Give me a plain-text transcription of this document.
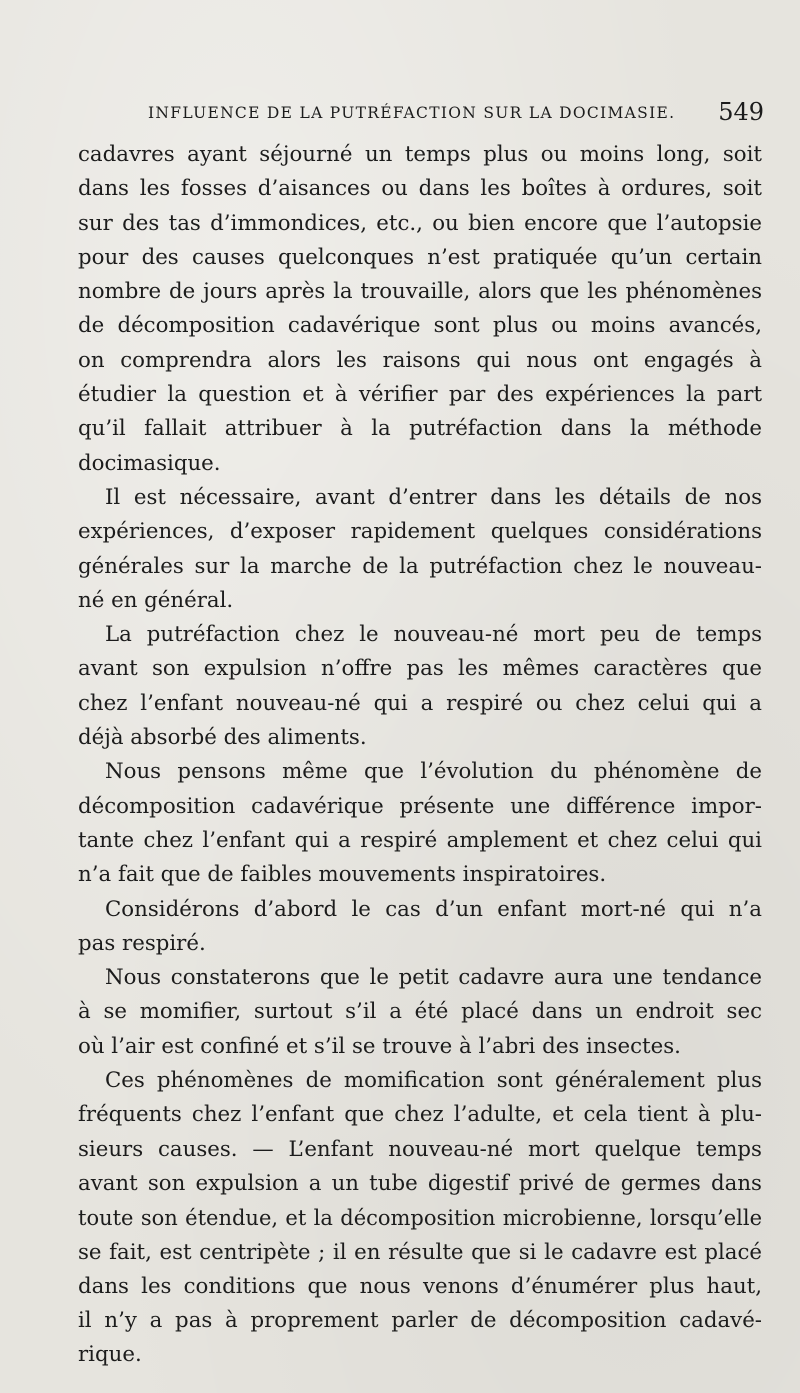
INFLUENCE DE LA PUTRÉFACTION SUR LA DOCIMASIE. 549
cadavres ayant séjourné un temps plus ou moins long, soit
dans les fosses d’aisances ou dans les boîtes à ordures, soit
sur des tas d’immondices, etc., ou bien encore que l’autopsie
pour des causes quelconques n’est pratiquée qu’un certain
nombre de jours après la trouvaille, alors que les phénomènes
de décomposition cadavérique sont plus ou moins avancés,
on comprendra alors les raisons qui nous ont engagés à
étudier la question et à vérifier par des expériences la part
qu’il fallait attribuer à la putréfaction dans la méthode
docimasique.
Il est nécessaire, avant d’entrer dans les détails de nos
expériences, d’exposer rapidement quelques considérations
générales sur la marche de la putréfaction chez le nouveau-
né en général.
La putréfaction chez le nouveau-né mort peu de temps
avant son expulsion n’offre pas les mêmes caractères que
chez l’enfant nouveau-né qui a respiré ou chez celui qui a
déjà absorbé des aliments.
Nous pensons même que l’évolution du phénomène de
décomposition cadavérique présente une différence impor-
tante chez l’enfant qui a respiré amplement et chez celui qui
n’a fait que de faibles mouvements inspiratoires.
Considérons d’abord le cas d’un enfant mort-né qui n’a
pas respiré.
Nous constaterons que le petit cadavre aura une tendance
à se momifier, surtout s’il a été placé dans un endroit sec
où l’air est confiné et s’il se trouve à l’abri des insectes.
Ces phénomènes de momification sont généralement plus
fréquents chez l’enfant que chez l’adulte, et cela tient à plu-
sieurs causes. — L’enfant nouveau-né mort quelque temps
avant son expulsion a un tube digestif privé de germes dans
toute son étendue, et la décomposition microbienne, lorsqu’elle
se fait, est centripète ; il en résulte que si le cadavre est placé
dans les conditions que nous venons d’énumérer plus haut,
il n’y a pas à proprement parler de décomposition cadavé-
rique.
